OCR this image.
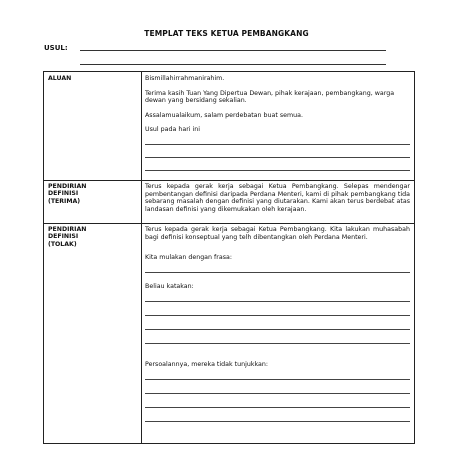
TEMPLAT TEKS KETUA PEMBANGKANG
USUL:
ALUAN	Bismillahirrahmanirahim.

Terima kasih Tuan Yang Dipertua Dewan, pihak kerajaan, pembangkang, warga dewan yang bersidang sekalian.

Assalamualaikum, salam perdebatan buat semua.

Usul pada hari ini

PENDIRIAN
DEFINISI
(TERIMA)

Terus kepada gerak kerja sebagai Ketua Pembangkang. Selepas mendengar pembentangan definisi daripada Perdana Menteri, kami di pihak pembangkang tida sebarang masalah dengan definisi yang diutarakan. Kami akan terus berdebat atas landasan definisi yang dikemukakan oleh kerajaan.

PENDIRIAN
DEFINISI
(TOLAK)

Terus kepada gerak kerja sebagai Ketua Pembangkang. Kita lakukan muhasabah bagi definisi konseptual yang telh dibentangkan oleh Perdana Menteri.

Kita mulakan dengan frasa:
Beliau katakan:
Persoalannya, mereka tidak tunjukkan:
